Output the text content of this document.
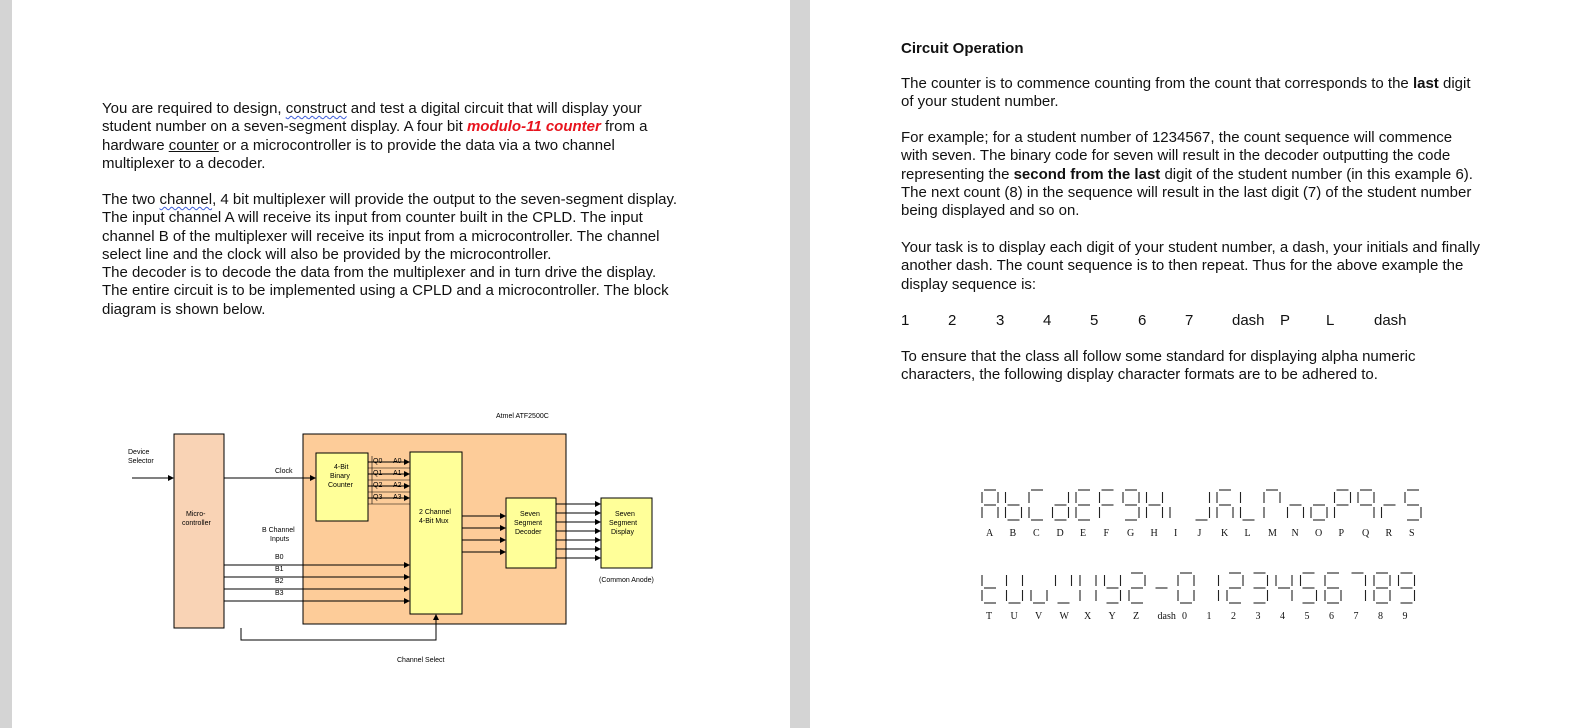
You are required to design, construct and test a digital circuit that will display your
student number on a seven-segment display. A four bit modulo-11 counter from a
hardware counter or a microcontroller is to provide the data via a two channel
multiplexer to a decoder.
The two channel, 4 bit multiplexer will provide the output to the seven-segment display.
The input channel A will receive its input from counter built in the CPLD. The input
channel B of the multiplexer will receive its input from a microcontroller. The channel
select line and the clock will also be provided by the microcontroller.
The decoder is to decode the data from the multiplexer and in turn drive the display.
The entire circuit is to be implemented using a CPLD and a microcontroller. The block
diagram is shown below.
Atmel ATF2500C
Device
Selector
Micro-
controller
Clock
4-Bit
Binary
Counter
Q0
Q1
Q2
Q3
A0
A1
A2
A3
2 Channel
4-Bit Mux
B Channel
Inputs
B0
B1
B2
B3
Seven
Segment
Decoder
Seven
Segment
Display
(Common Anode)
Channel Select
Circuit Operation
The counter is to commence counting from the count that corresponds to the last digit
of your student number.
For example; for a student number of 1234567, the count sequence will commence
with seven. The binary code for seven will result in the decoder outputting the code
representing the second from the last digit of the student number (in this example 6).
The next count (8) in the sequence will result in the last digit (7) of the student number
being displayed and so on.
Your task is to display each digit of your student number, a dash, your initials and finally
another dash. The count sequence is to then repeat. Thus for the above example the
display sequence is:
1	2	3	4	5	6	7	dash P L	dash
To ensure that the class all follow some standard for displaying alpha numeric
characters, the following display character formats are to be adhered to.
A B C D E F G H I J K L M N O P Q R S
T U V W X Y Z dash 0 1 2 3 4 5 6 7 8 9
